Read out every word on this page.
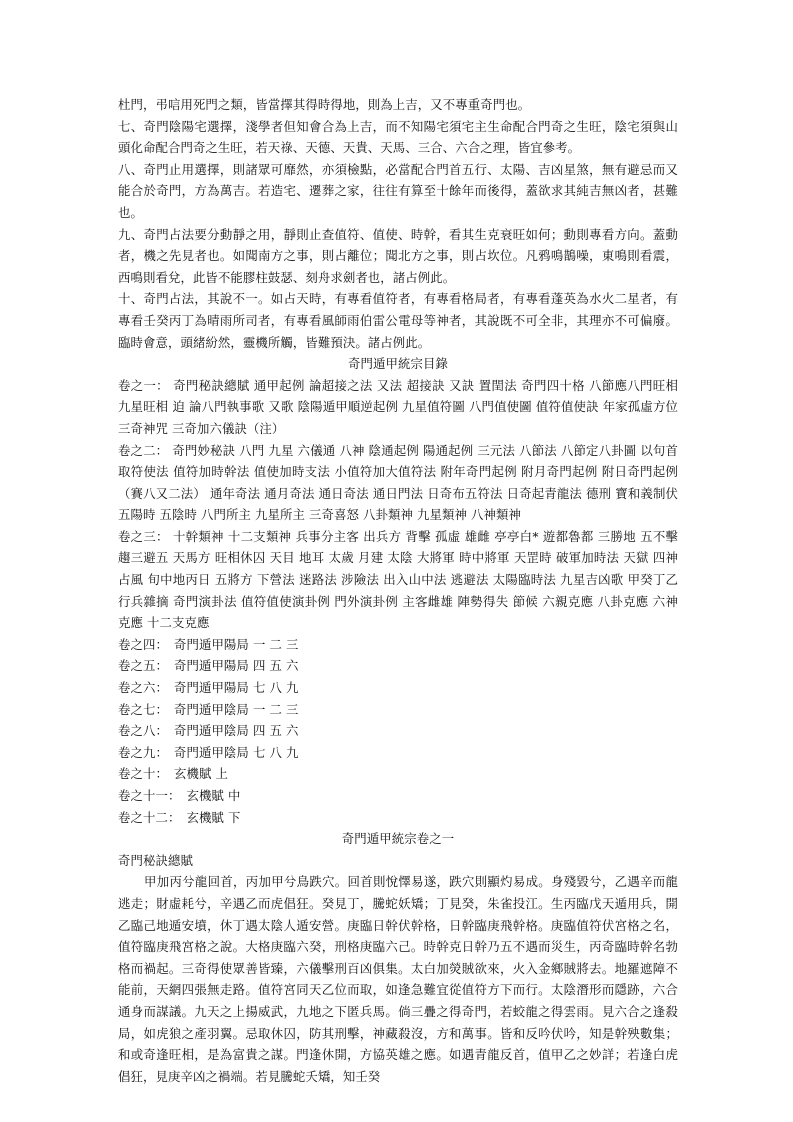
杜門，弔唁用死門之類，皆當擇其得時得地，則為上吉，又不專重奇門也。

七、奇門陰陽宅選擇，淺學者但知會合為上吉，而不知陽宅須宅主生命配合門奇之生旺，陰宅須與山頭化命配合門奇之生旺，若天祿、天德、天貴、天馬、三合、六合之理，皆宜參考。

八、奇門止用選擇，則諸眾可靡然，亦須檢點，必當配合門首五行、太陽、吉凶星煞，無有避忌而又能合於奇門，方為萬吉。若造宅、遷葬之家，往往有算至十餘年而後得，蓋欲求其純吉無凶者，甚難也。

九、奇門占法要分動靜之用，靜則止查值符、值使、時幹，看其生克衰旺如何；動則專看方向。蓋動者，機之先見者也。如聞南方之事，則占離位；聞北方之事，則占坎位。凡鸦鳴鵲噪，東鳴則看震，西鳴則看兌，此皆不能膠柱鼓瑟、刻舟求劍者也，諸占例此。

十、奇門占法，其說不一。如占天時，有專看值符者，有專看格局者，有專看蓬英為水火二星者，有專看壬癸丙丁為晴雨所司者，有專看風師雨伯雷公電母等神者，其說既不可全非，其理亦不可偏廢。臨時會意，頭緒紛然，靈機所觸，皆難預決。諸占例此。

奇門遁甲統宗目錄

卷之一： 奇門秘訣總賦 通甲起例 論超接之法 又法 超接訣 又訣 置閏法 奇門四十格 八節應八門旺相九星旺相 迫 論八門執事歌 又歌 陰陽遁甲順逆起例 九星值符圖 八門值使圖 值符值使訣 年家孤虛方位 三奇神咒 三奇加六儀訣（注）

卷之二： 奇門妙秘訣 八門 九星 六儀通 八神 陰通起例 陽通起例 三元法 八節法 八節定八卦圖 以句首取符使法 值符加時幹法 值使加時支法 小值符加大值符法 附年奇門起例 附月奇門起例 附日奇門起例（賽八又二法） 通年奇法 通月奇法 通日奇法 通日門法 日奇布五符法 日奇起青龍法 德刑 寶和義制伏 五陽時 五陰時 八門所主 九星所主 三奇喜怒 八卦類神 九星類神 八神類神

卷之三： 十幹類神 十二支類神 兵事分主客 出兵方 背擊 孤虛 雄雌 亭亭白* 遊都魯都 三勝地 五不擊 趨三避五 天馬方 旺相休囚 天目 地耳 太歲 月建 太陰 大將軍 時中將軍 天罡時 破軍加時法 天獄 四神 占風 旬中地丙日 五將方 下營法 迷路法 涉險法 出入山中法 逃避法 太陽臨時法 九星吉凶歌 甲癸丁乙 行兵雜摘 奇門演卦法 值符值使演卦例 門外演卦例 主客雌雄 陣勢得失 節候 六親克應 八卦克應 六神克應 十二支克應

卷之四： 奇門遁甲陽局 一 二 三

卷之五： 奇門遁甲陽局 四 五 六

卷之六： 奇門遁甲陽局 七 八 九

卷之七： 奇門遁甲陰局 一 二 三

卷之八： 奇門遁甲陰局 四 五 六

卷之九： 奇門遁甲陰局 七 八 九

卷之十： 玄機賦 上

卷之十一： 玄機賦 中

卷之十二： 玄機賦 下

奇門遁甲統宗卷之一

奇門秘訣總賦

甲加丙兮龍回首，丙加甲兮鳥跌穴。回首則悅懌易遂，跌穴則顯灼易成。身殘毀兮，乙遇辛而龍逃走；財虛耗兮，辛遇乙而虎倡狂。癸見丁，騰蛇妖矯；丁見癸，朱雀投江。生丙臨戊天遁用兵，開乙臨己地遁安墳，休丁遇太陰人遁安營。庚臨日幹伏幹格，日幹臨庚飛幹格。庚臨值符伏宮格之名，值符臨庚飛宮格之說。大格庚臨六癸，刑格庚臨六己。時幹克日幹乃五不遇而災生，丙奇臨時幹名勃格而禍起。三奇得使眾善皆臻，六儀擊刑百凶俱集。太白加熒賊欲來，火入金鄉賊將去。地羅遮障不能前，天網四張無走路。值符宮同天乙位而取，如逢急難宜從值符方下而行。太陰潛形而隱跡，六合通身而謀議。九天之上揚威武，九地之下匿兵馬。倘三疊之得奇門，若蛟龍之得雲雨。見六合之逢殺局，如虎狼之產羽翼。忌取休囚，防其刑擊，神藏殺沒，方和萬事。皆和反吟伏吟，知是幹殃數集；和或奇逢旺相，是為富貴之謀。門逢休開，方協英雄之應。如遇青龍反首，值甲乙之妙詳；若逢白虎倡狂，見庚辛凶之禍端。若見騰蛇夭矯，知壬癸
